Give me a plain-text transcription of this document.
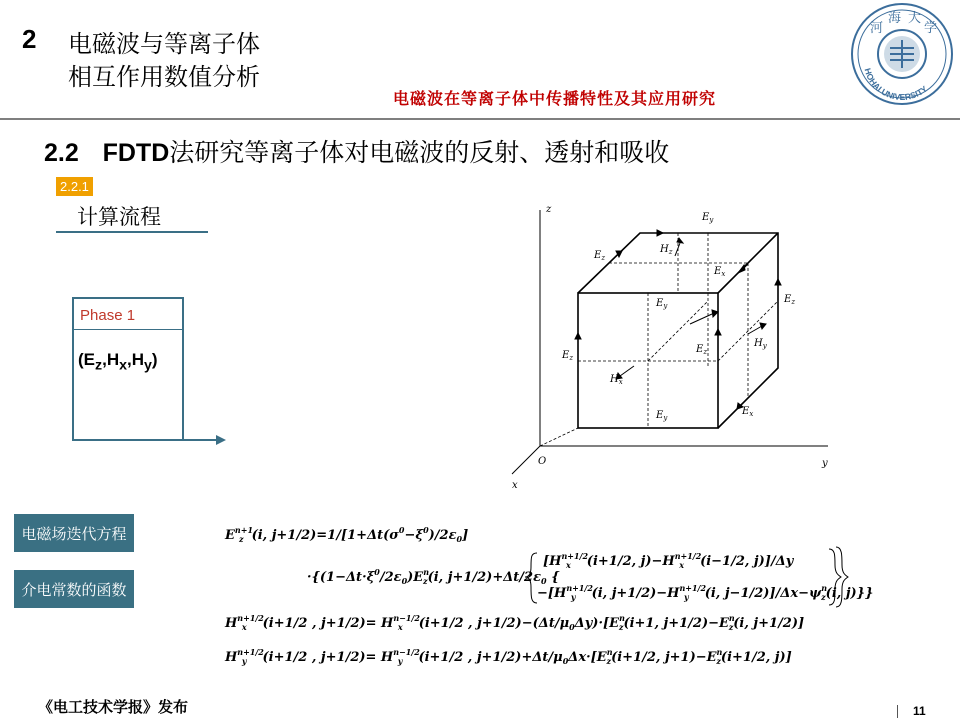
2 电磁波与等离子体
相互作用数值分析
电磁波在等离子体中传播特性及其应用研究
河
海 大
学
HOHAI UNIVERSITY
2.2 FDTD法研究等离子体对电磁波的反射、透射和吸收
2.2.1
计算流程
Phase 1
$(E_z,H_x,H_y)$
电磁场迭代方程
介电常数的函数
z
y
x
O
$E_y$
$E_z$
$H_z$
$E_x$
$E_y$
$E_z$
$H_y$
$E_z$
$E_z$
$H_x$
$E_x$
$E_y$
$E^{n+1}$ z (i, $j+1/2)=1/[1+\Delta t(\sigma^0-\xi^0)/2\varepsilon_0]$
$\cdot\{(1-\Delta t\cdot\xi^0/2\varepsilon_0)E^n$ z(i, $j+1/2)+\Delta t/2\varepsilon_0$ {
[$H^{n+1/2}$ x (i+1/2, $j)-H^{n+1/2}$ x (i−1/2, j)]/Δy
$-[H^{n+1/2}$ y (i, $j+1/2)-H^{n+1/2}$ y (i, $j-1/2)]/\Delta x-\psi^n$ z(i, j)}}
$H^{n+1/2}$ x (i+1/2 , $j+1/2)= H^{n-1/2}$ x (i+1/2 , $j+1/2)-(\Delta t/\mu_0\Delta y)\cdot[E^n$ z(i+1, $j+1/2)-E^n$ z(i, j+1/2)]
$H^{n+1/2}$ y (i+1/2 , $j+1/2)= H^{n-1/2}$ y (i+1/2 , $j+1/2)+\Delta t/\mu_0\Delta x\cdot[E^n$ z(i+1/2, $j+1)-E^n$ z(i+1/2, j)]
《电工技术学报》发布	11
